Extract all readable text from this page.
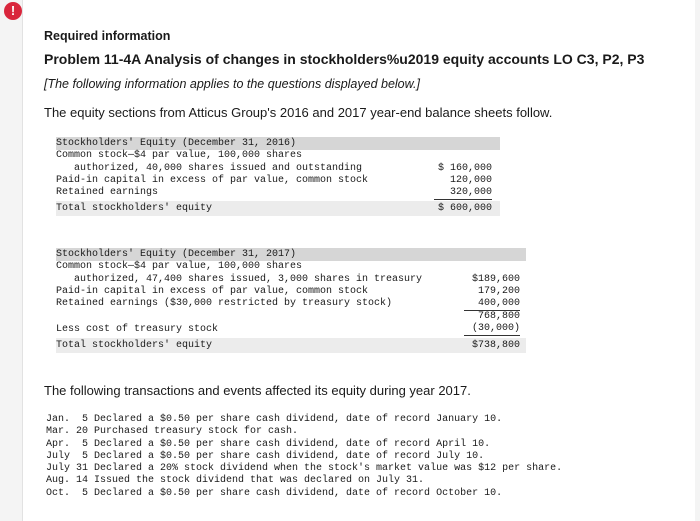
!
Required information
Problem 11-4A Analysis of changes in stockholders%u2019 equity accounts LO C3, P2, P3
[The following information applies to the questions displayed below.]
The equity sections from Atticus Group's 2016 and 2017 year-end balance sheets follow.
Stockholders' Equity (December 31, 2016)
Common stock—$4 par value, 100,000 shares
authorized, 40,000 shares issued and outstanding	$ 160,000
Paid-in capital in excess of par value, common stock	120,000
Retained earnings	320,000
Total stockholders' equity	$ 600,000
Stockholders' Equity (December 31, 2017)
Common stock—$4 par value, 100,000 shares
authorized, 47,400 shares issued, 3,000 shares in treasury	$189,600
Paid-in capital in excess of par value, common stock	179,200
Retained earnings ($30,000 restricted by treasury stock)	400,000
768,800
Less cost of treasury stock	(30,000)
Total stockholders' equity	$738,800
The following transactions and events affected its equity during year 2017.
Jan.  5 Declared a $0.50 per share cash dividend, date of record January 10.
Mar. 20 Purchased treasury stock for cash.
Apr.  5 Declared a $0.50 per share cash dividend, date of record April 10.
July  5 Declared a $0.50 per share cash dividend, date of record July 10.
July 31 Declared a 20% stock dividend when the stock's market value was $12 per share.
Aug. 14 Issued the stock dividend that was declared on July 31.
Oct.  5 Declared a $0.50 per share cash dividend, date of record October 10.
